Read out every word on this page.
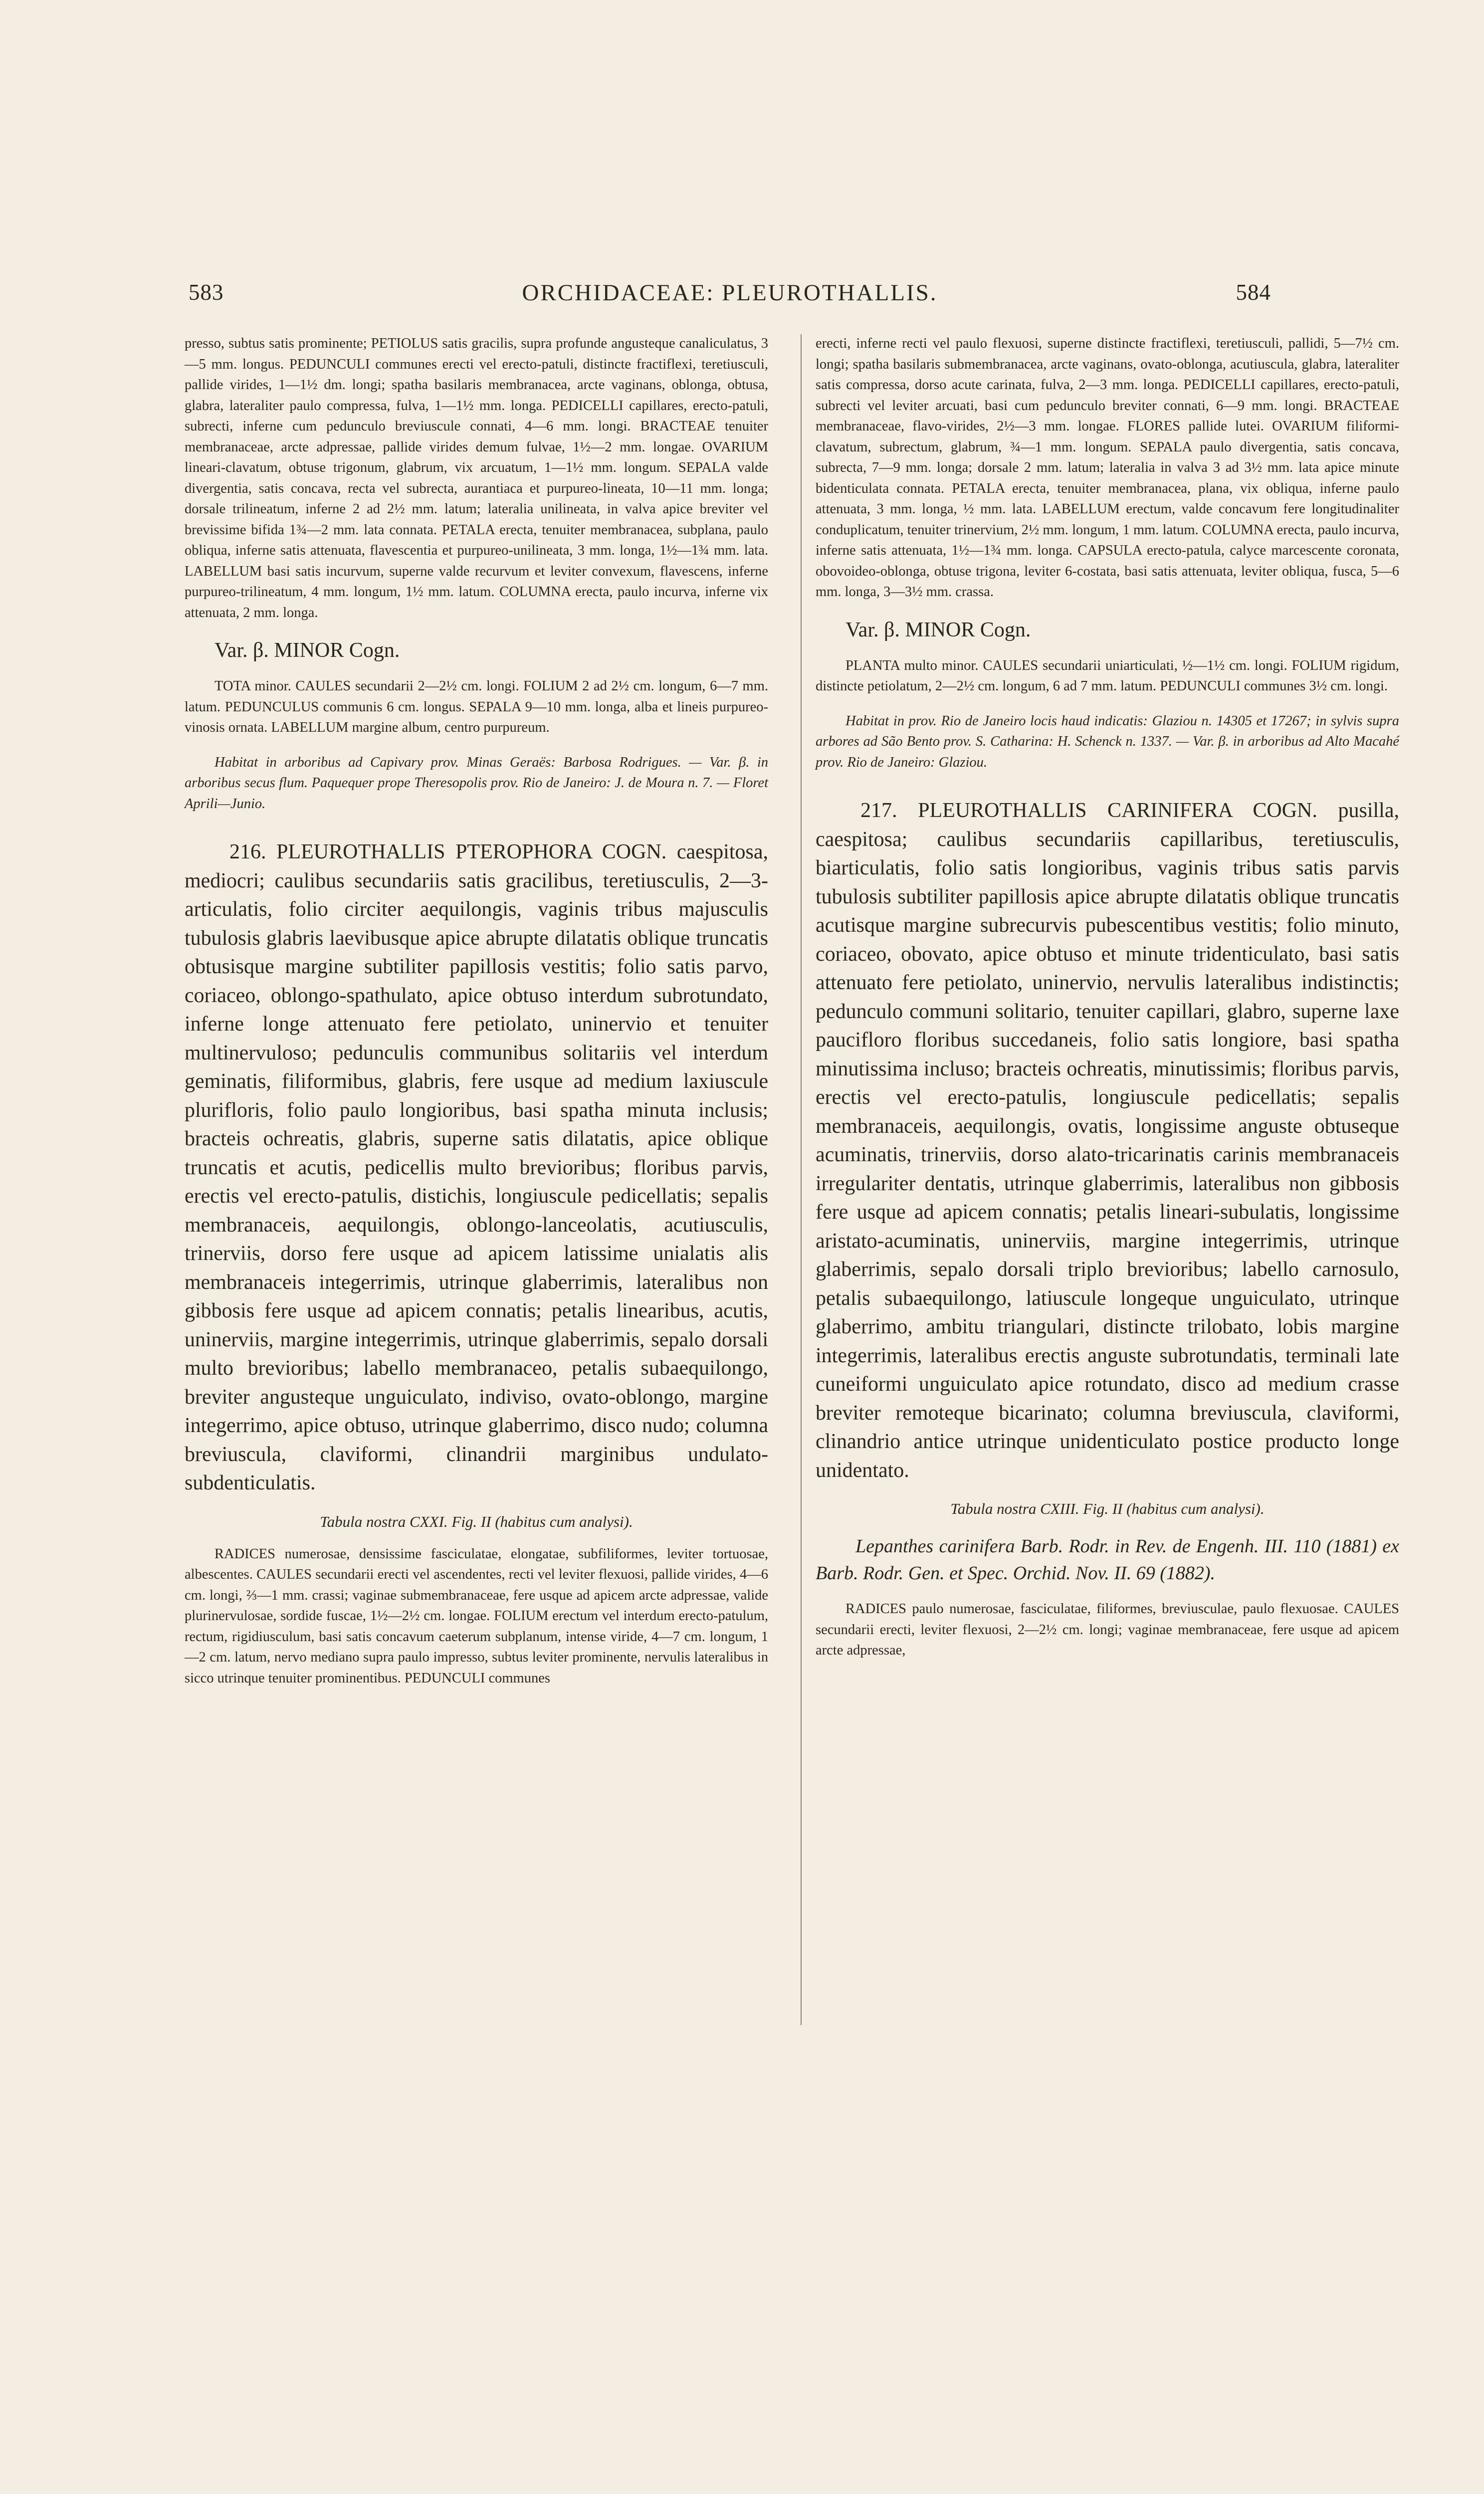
583	ORCHIDACEAE: PLEUROTHALLIS.	584

presso, subtus satis prominente; PETIOLUS satis gracilis, supra profunde angusteque canaliculatus, 3—5 mm. longus. PEDUNCULI communes erecti vel erecto-patuli, distincte fractiflexi, teretiusculi, pallide virides, 1—1½ dm. longi; spatha basilaris membranacea, arcte vaginans, oblonga, obtusa, glabra, lateraliter paulo compressa, fulva, 1—1½ mm. longa. PEDICELLI capillares, erecto-patuli, subrecti, inferne cum pedunculo breviuscule connati, 4—6 mm. longi. BRACTEAE tenuiter membranaceae, arcte adpressae, pallide virides demum fulvae, 1½—2 mm. longae. OVARIUM lineari-clavatum, obtuse trigonum, glabrum, vix arcuatum, 1—1½ mm. longum. SEPALA valde divergentia, satis concava, recta vel subrecta, aurantiaca et purpureo-lineata, 10—11 mm. longa; dorsale trilineatum, inferne 2 ad 2½ mm. latum; lateralia unilineata, in valva apice breviter vel brevissime bifida 1¾—2 mm. lata connata. PETALA erecta, tenuiter membranacea, subplana, paulo obliqua, inferne satis attenuata, flavescentia et purpureo-unilineata, 3 mm. longa, 1½—1¾ mm. lata. LABELLUM basi satis incurvum, superne valde recurvum et leviter convexum, flavescens, inferne purpureo-trilineatum, 4 mm. longum, 1½ mm. latum. COLUMNA erecta, paulo incurva, inferne vix attenuata, 2 mm. longa.

Var. β. MINOR Cogn.

TOTA minor. CAULES secundarii 2—2½ cm. longi. FOLIUM 2 ad 2½ cm. longum, 6—7 mm. latum. PEDUNCULUS communis 6 cm. longus. SEPALA 9—10 mm. longa, alba et lineis purpureo-vinosis ornata. LABELLUM margine album, centro purpureum.

Habitat in arboribus ad Capivary prov. Minas Geraës: Barbosa Rodrigues. — Var. β. in arboribus secus flum. Paquequer prope Theresopolis prov. Rio de Janeiro: J. de Moura n. 7. — Floret Aprili—Junio.

216. PLEUROTHALLIS PTEROPHORA COGN. caespitosa, mediocri; caulibus secundariis satis gracilibus, teretiusculis, 2—3-articulatis, folio circiter aequilongis, vaginis tribus majusculis tubulosis glabris laevibusque apice abrupte dilatatis oblique truncatis obtusisque margine subtiliter papillosis vestitis; folio satis parvo, coriaceo, oblongo-spathulato, apice obtuso interdum subrotundato, inferne longe attenuato fere petiolato, uninervio et tenuiter multinervuloso; pedunculis communibus solitariis vel interdum geminatis, filiformibus, glabris, fere usque ad medium laxiuscule plurifloris, folio paulo longioribus, basi spatha minuta inclusis; bracteis ochreatis, glabris, superne satis dilatatis, apice oblique truncatis et acutis, pedicellis multo brevioribus; floribus parvis, erectis vel erecto-patulis, distichis, longiuscule pedicellatis; sepalis membranaceis, aequilongis, oblongo-lanceolatis, acutiusculis, trinerviis, dorso fere usque ad apicem latissime unialatis alis membranaceis integerrimis, utrinque glaberrimis, lateralibus non gibbosis fere usque ad apicem connatis; petalis linearibus, acutis, uninerviis, margine integerrimis, utrinque glaberrimis, sepalo dorsali multo brevioribus; labello membranaceo, petalis subaequilongo, breviter angusteque unguiculato, indiviso, ovato-oblongo, margine integerrimo, apice obtuso, utrinque glaberrimo, disco nudo; columna breviuscula, claviformi, clinandrii marginibus undulato-subdenticulatis.

Tabula nostra CXXI. Fig. II (habitus cum analysi).

RADICES numerosae, densissime fasciculatae, elongatae, subfiliformes, leviter tortuosae, albescentes. CAULES secundarii erecti vel ascendentes, recti vel leviter flexuosi, pallide virides, 4—6 cm. longi, ⅔—1 mm. crassi; vaginae submembranaceae, fere usque ad apicem arcte adpressae, valide plurinervulosae, sordide fuscae, 1½—2½ cm. longae. FOLIUM erectum vel interdum erecto-patulum, rectum, rigidiusculum, basi satis concavum caeterum subplanum, intense viride, 4—7 cm. longum, 1—2 cm. latum, nervo mediano supra paulo impresso, subtus leviter prominente, nervulis lateralibus in sicco utrinque tenuiter prominentibus. PEDUNCULI communes

erecti, inferne recti vel paulo flexuosi, superne distincte fractiflexi, teretiusculi, pallidi, 5—7½ cm. longi; spatha basilaris submembranacea, arcte vaginans, ovato-oblonga, acutiuscula, glabra, lateraliter satis compressa, dorso acute carinata, fulva, 2—3 mm. longa. PEDICELLI capillares, erecto-patuli, subrecti vel leviter arcuati, basi cum pedunculo breviter connati, 6—9 mm. longi. BRACTEAE membranaceae, flavo-virides, 2½—3 mm. longae. FLORES pallide lutei. OVARIUM filiformi-clavatum, subrectum, glabrum, ¾—1 mm. longum. SEPALA paulo divergentia, satis concava, subrecta, 7—9 mm. longa; dorsale 2 mm. latum; lateralia in valva 3 ad 3½ mm. lata apice minute bidenticulata connata. PETALA erecta, tenuiter membranacea, plana, vix obliqua, inferne paulo attenuata, 3 mm. longa, ½ mm. lata. LABELLUM erectum, valde concavum fere longitudinaliter conduplicatum, tenuiter trinervium, 2½ mm. longum, 1 mm. latum. COLUMNA erecta, paulo incurva, inferne satis attenuata, 1½—1¾ mm. longa. CAPSULA erecto-patula, calyce marcescente coronata, obovoideo-oblonga, obtuse trigona, leviter 6-costata, basi satis attenuata, leviter obliqua, fusca, 5—6 mm. longa, 3—3½ mm. crassa.

Var. β. MINOR Cogn.

PLANTA multo minor. CAULES secundarii uniarticulati, ½—1½ cm. longi. FOLIUM rigidum, distincte petiolatum, 2—2½ cm. longum, 6 ad 7 mm. latum. PEDUNCULI communes 3½ cm. longi.

Habitat in prov. Rio de Janeiro locis haud indicatis: Glaziou n. 14305 et 17267; in sylvis supra arbores ad São Bento prov. S. Catharina: H. Schenck n. 1337. — Var. β. in arboribus ad Alto Macahé prov. Rio de Janeiro: Glaziou.

217. PLEUROTHALLIS CARINIFERA COGN. pusilla, caespitosa; caulibus secundariis capillaribus, teretiusculis, biarticulatis, folio satis longioribus, vaginis tribus satis parvis tubulosis subtiliter papillosis apice abrupte dilatatis oblique truncatis acutisque margine subrecurvis pubescentibus vestitis; folio minuto, coriaceo, obovato, apice obtuso et minute tridenticulato, basi satis attenuato fere petiolato, uninervio, nervulis lateralibus indistinctis; pedunculo communi solitario, tenuiter capillari, glabro, superne laxe paucifloro floribus succedaneis, folio satis longiore, basi spatha minutissima incluso; bracteis ochreatis, minutissimis; floribus parvis, erectis vel erecto-patulis, longiuscule pedicellatis; sepalis membranaceis, aequilongis, ovatis, longissime anguste obtuseque acuminatis, trinerviis, dorso alato-tricarinatis carinis membranaceis irregulariter dentatis, utrinque glaberrimis, lateralibus non gibbosis fere usque ad apicem connatis; petalis lineari-subulatis, longissime aristato-acuminatis, uninerviis, margine integerrimis, utrinque glaberrimis, sepalo dorsali triplo brevioribus; labello carnosulo, petalis subaequilongo, latiuscule longeque unguiculato, utrinque glaberrimo, ambitu triangulari, distincte trilobato, lobis margine integerrimis, lateralibus erectis anguste subrotundatis, terminali late cuneiformi unguiculato apice rotundato, disco ad medium crasse breviter remoteque bicarinato; columna breviuscula, claviformi, clinandrio antice utrinque unidenticulato postice producto longe unidentato.

Tabula nostra CXIII. Fig. II (habitus cum analysi).

Lepanthes carinifera Barb. Rodr. in Rev. de Engenh. III. 110 (1881) ex Barb. Rodr. Gen. et Spec. Orchid. Nov. II. 69 (1882).

RADICES paulo numerosae, fasciculatae, filiformes, breviusculae, paulo flexuosae. CAULES secundarii erecti, leviter flexuosi, 2—2½ cm. longi; vaginae membranaceae, fere usque ad apicem arcte adpressae,
